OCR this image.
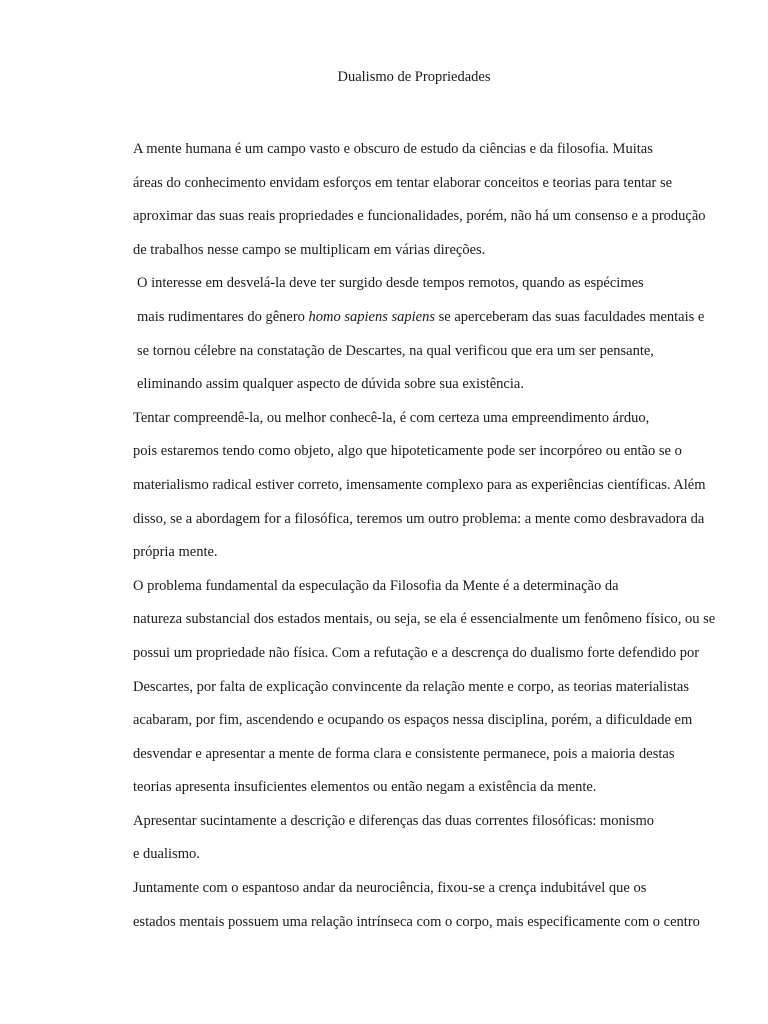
Dualismo de Propriedades

A mente humana é um campo vasto e obscuro de estudo da ciências e da filosofia. Muitas
áreas do conhecimento envidam esforços em tentar elaborar conceitos e teorias para tentar se
aproximar das suas reais propriedades e funcionalidades, porém, não há um consenso e a produção
de trabalhos nesse campo se multiplicam em várias direções.

O interesse em desvelá-la deve ter surgido desde tempos remotos, quando as espécimes
mais rudimentares do gênero homo sapiens sapiens se aperceberam das suas faculdades mentais e
se tornou célebre na constatação de Descartes, na qual verificou que era um ser pensante,
eliminando assim qualquer aspecto de dúvida sobre sua existência.

Tentar compreendê-la, ou melhor conhecê-la, é com certeza uma empreendimento árduo,
pois estaremos tendo como objeto, algo que hipoteticamente pode ser incorpóreo ou então se o
materialismo radical estiver correto, imensamente complexo para as experiências científicas. Além
disso, se a abordagem for a filosófica, teremos um outro problema: a mente como desbravadora da
própria mente.

O problema fundamental da especulação da Filosofia da Mente é a determinação da
natureza substancial dos estados mentais, ou seja, se ela é essencialmente um fenômeno físico, ou se
possui um propriedade não física. Com a refutação e a descrença do dualismo forte defendido por
Descartes, por falta de explicação convincente da relação mente e corpo, as teorias materialistas
acabaram, por fim, ascendendo e ocupando os espaços nessa disciplina, porém, a dificuldade em
desvendar e apresentar a mente de forma clara e consistente permanece, pois a maioria destas
teorias apresenta insuficientes elementos ou então negam a existência da mente.

Apresentar sucintamente a descrição e diferenças das duas correntes filosóficas: monismo
e dualismo.

Juntamente com o espantoso andar da neurociência, fixou-se a crença indubitável que os
estados mentais possuem uma relação intrínseca com o corpo, mais especificamente com o centro
